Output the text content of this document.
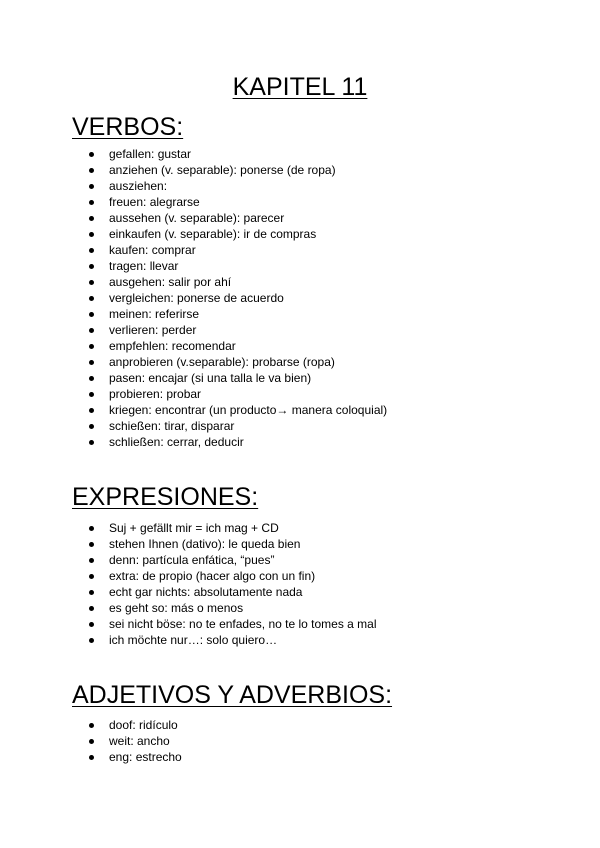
KAPITEL 11
VERBOS:
gefallen: gustar
anziehen (v. separable): ponerse (de ropa)
ausziehen:
freuen: alegrarse
aussehen (v. separable): parecer
einkaufen (v. separable): ir de compras
kaufen: comprar
tragen: llevar
ausgehen: salir por ahí
vergleichen: ponerse de acuerdo
meinen: referirse
verlieren: perder
empfehlen: recomendar
anprobieren (v.separable): probarse (ropa)
pasen: encajar (si una talla le va bien)
probieren: probar
kriegen: encontrar (un producto→ manera coloquial)
schießen: tirar, disparar
schließen: cerrar, deducir
EXPRESIONES:
Suj + gefällt mir = ich mag + CD
stehen Ihnen (dativo): le queda bien
denn: partícula enfática, “pues”
extra: de propio (hacer algo con un fin)
echt gar nichts: absolutamente nada
es geht so: más o menos
sei nicht böse: no te enfades, no te lo tomes a mal
ich möchte nur…: solo quiero…
ADJETIVOS Y ADVERBIOS:
doof: ridículo
weit: ancho
eng: estrecho
